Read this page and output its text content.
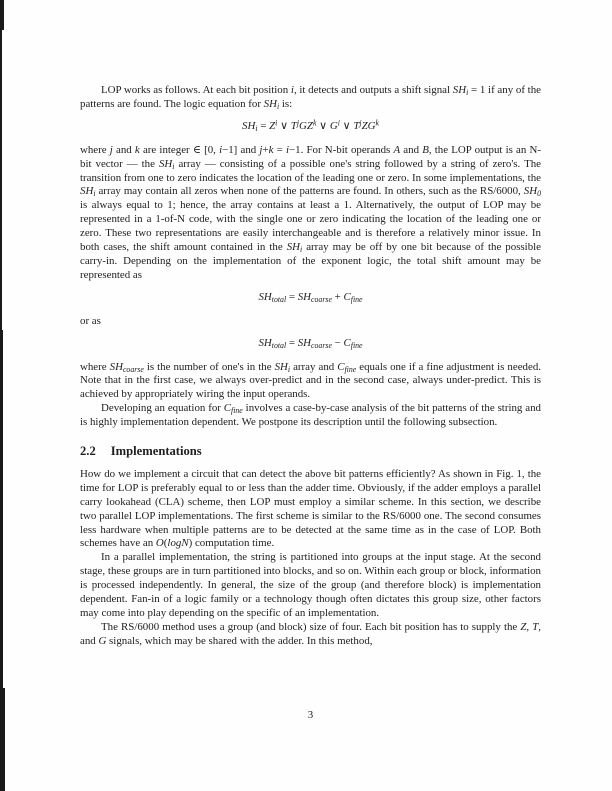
LOP works as follows. At each bit position i, it detects and outputs a shift signal $SH_i = 1$ if any of the patterns are found. The logic equation for $SH_i$ is:

$SH_i = Z^i$ ∨ $T^jGZ^k$ ∨ $G^i$ ∨ $T^jZG^k$

where j and k are integer ∈ [0, i−1] and j+k = i−1. For N-bit operands A and B, the LOP output is an N-bit vector — the $SH_i$ array — consisting of a possible one's string followed by a string of zero's. The transition from one to zero indicates the location of the leading one or zero. In some implementations, the $SH_i$ array may contain all zeros when none of the patterns are found. In others, such as the RS/6000, $SH_0$ is always equal to 1; hence, the array contains at least a 1. Alternatively, the output of LOP may be represented in a 1-of-N code, with the single one or zero indicating the location of the leading one or zero. These two representations are easily interchangeable and is therefore a relatively minor issue. In both cases, the shift amount contained in the $SH_i$ array may be off by one bit because of the possible carry-in. Depending on the implementation of the exponent logic, the total shift amount may be represented as

$SH_{total} = SH_{coarse} + C_{fine}$

or as

$SH_{total} = SH_{coarse} - C_{fine}$

where $SH_{coarse}$ is the number of one's in the $SH_i$ array and $C_{fine}$ equals one if a fine adjustment is needed. Note that in the first case, we always over-predict and in the second case, always under-predict. This is achieved by appropriately wiring the input operands.

Developing an equation for $C_{fine}$ involves a case-by-case analysis of the bit patterns of the string and is highly implementation dependent. We postpone its description until the following subsection.

2.2 Implementations

How do we implement a circuit that can detect the above bit patterns efficiently? As shown in Fig. 1, the time for LOP is preferably equal to or less than the adder time. Obviously, if the adder employs a parallel carry lookahead (CLA) scheme, then LOP must employ a similar scheme. In this section, we describe two parallel LOP implementations. The first scheme is similar to the RS/6000 one. The second consumes less hardware when multiple patterns are to be detected at the same time as in the case of LOP. Both schemes have an O(logN) computation time.

In a parallel implementation, the string is partitioned into groups at the input stage. At the second stage, these groups are in turn partitioned into blocks, and so on. Within each group or block, information is processed independently. In general, the size of the group (and therefore block) is implementation dependent. Fan-in of a logic family or a technology though often dictates this group size, other factors may come into play depending on the specific of an implementation.

The RS/6000 method uses a group (and block) size of four. Each bit position has to supply the Z, T, and G signals, which may be shared with the adder. In this method,

3
